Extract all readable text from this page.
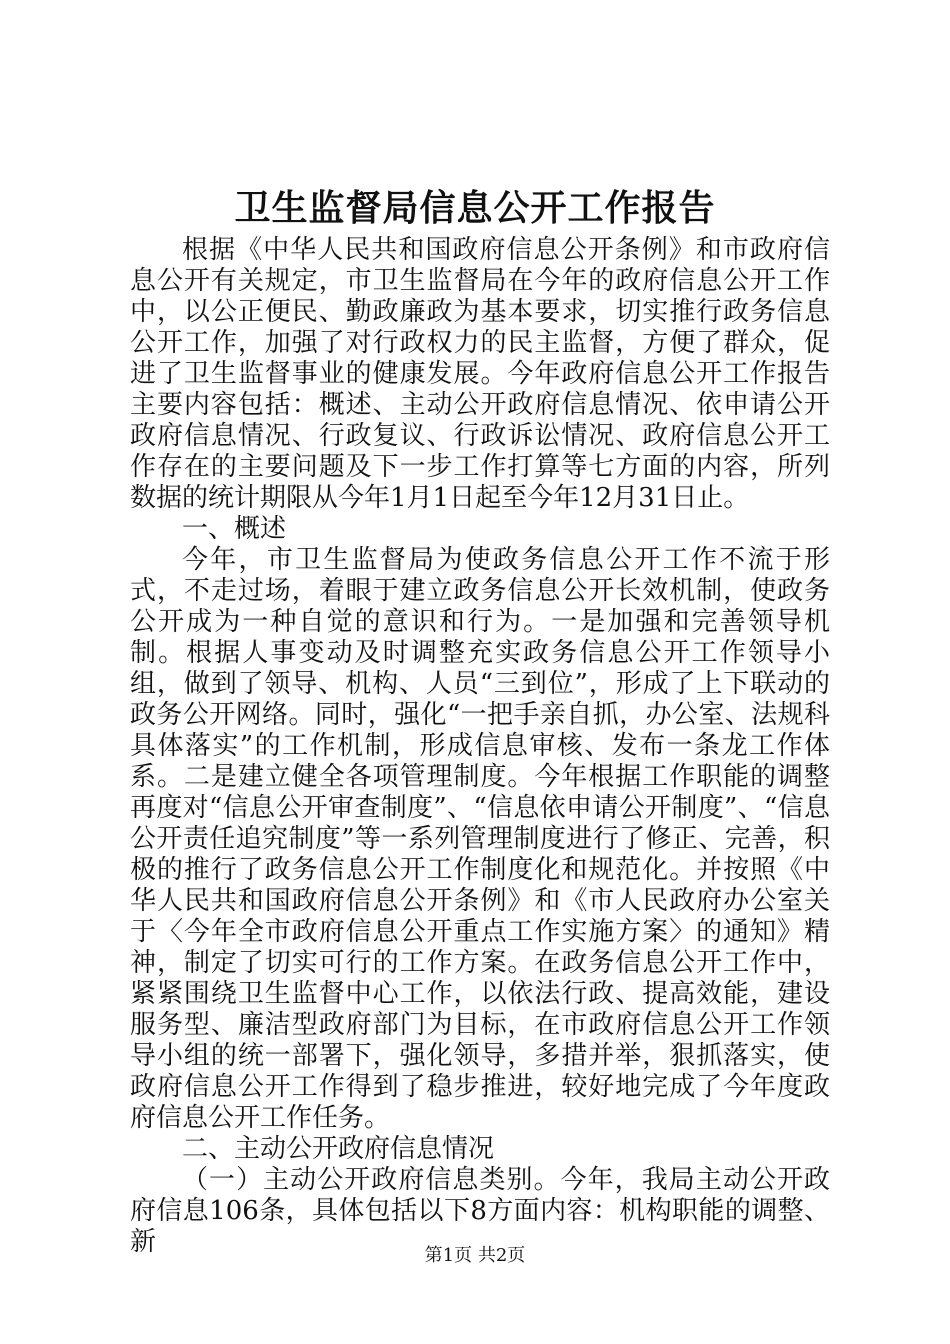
卫生监督局信息公开工作报告

根据《中华人民共和国政府信息公开条例》和市政府信息公开有关规定，市卫生监督局在今年的政府信息公开工作中，以公正便民、勤政廉政为基本要求，切实推行政务信息公开工作，加强了对行政权力的民主监督，方便了群众，促进了卫生监督事业的健康发展。今年政府信息公开工作报告主要内容包括：概述、主动公开政府信息情况、依申请公开政府信息情况、行政复议、行政诉讼情况、政府信息公开工作存在的主要问题及下一步工作打算等七方面的内容，所列数据的统计期限从今年1月1日起至今年12月31日止。

一、概述

今年，市卫生监督局为使政务信息公开工作不流于形式，不走过场，着眼于建立政务信息公开长效机制，使政务公开成为一种自觉的意识和行为。一是加强和完善领导机制。根据人事变动及时调整充实政务信息公开工作领导小组，做到了领导、机构、人员“三到位”，形成了上下联动的政务公开网络。同时，强化“一把手亲自抓，办公室、法规科具体落实”的工作机制，形成信息审核、发布一条龙工作体系。二是建立健全各项管理制度。今年根据工作职能的调整再度对“信息公开审查制度”、“信息依申请公开制度”、“信息公开责任追究制度”等一系列管理制度进行了修正、完善，积极的推行了政务信息公开工作制度化和规范化。并按照《中华人民共和国政府信息公开条例》和《市人民政府办公室关于〈今年全市政府信息公开重点工作实施方案〉的通知》精神，制定了切实可行的工作方案。在政务信息公开工作中，紧紧围绕卫生监督中心工作，以依法行政、提高效能，建设服务型、廉洁型政府部门为目标，在市政府信息公开工作领导小组的统一部署下，强化领导，多措并举，狠抓落实，使政府信息公开工作得到了稳步推进，较好地完成了今年度政府信息公开工作任务。

二、主动公开政府信息情况

（一）主动公开政府信息类别。今年，我局主动公开政府信息106条，具体包括以下8方面内容：机构职能的调整、新	第1页 共2页
